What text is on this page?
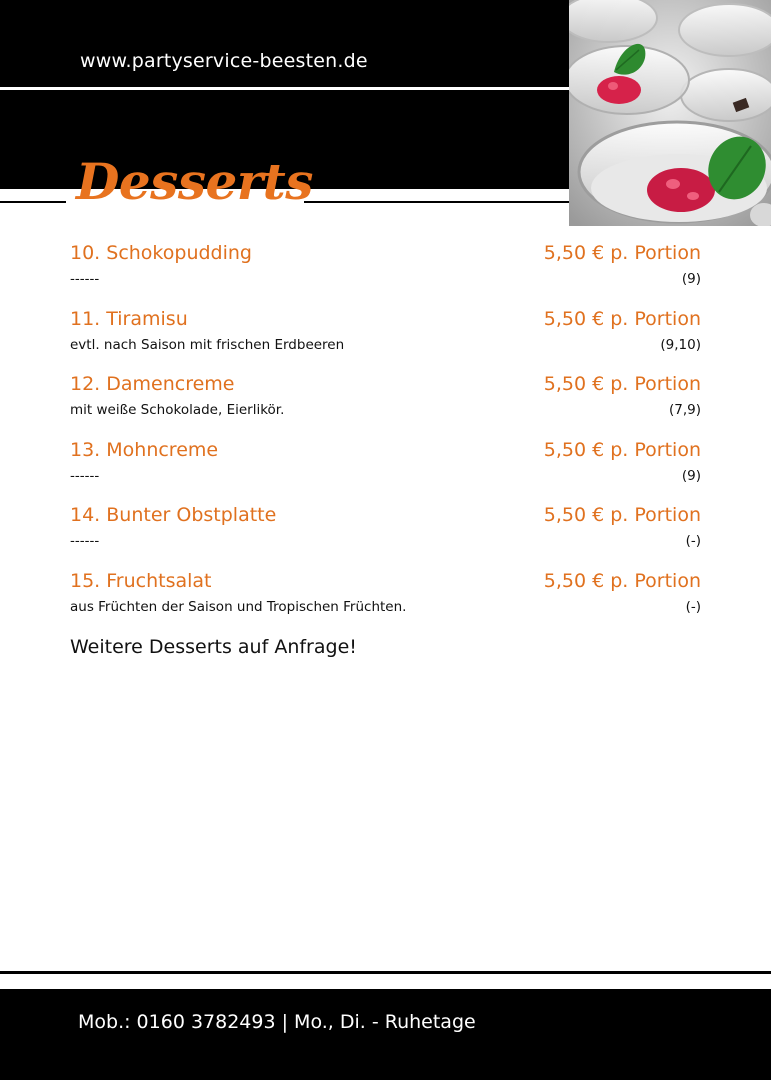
www.partyservice-beesten.de
Desserts
10. Schokopudding	5,50 € p. Portion
------	(9)
11. Tiramisu	5,50 € p. Portion
evtl. nach Saison mit frischen Erdbeeren	(9,10)
12. Damencreme	5,50 € p. Portion
mit weiße Schokolade, Eierlikör.	(7,9)
13. Mohncreme	5,50 € p. Portion
------	(9)
14. Bunter Obstplatte	5,50 € p. Portion
------	(-)
15. Fruchtsalat	5,50 € p. Portion
aus Früchten der Saison und Tropischen Früchten.	(-)
Weitere Desserts auf Anfrage!
Mob.: 0160 3782493 | Mo., Di. - Ruhetage
